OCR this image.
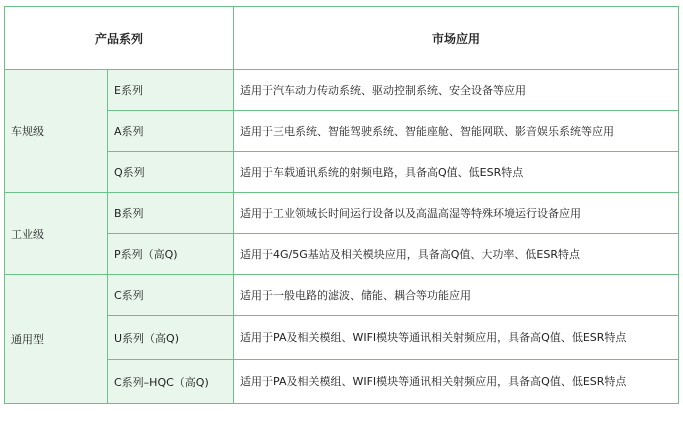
产品系列		市场应用
车规级	E系列	适用于汽车动力传动系统、驱动控制系统、安全设备等应用
	A系列	适用于三电系统、智能驾驶系统、智能座舱、智能网联、影音娱乐系统等应用
	Q系列	适用于车载通讯系统的射频电路，具备高Q值、低ESR特点
工业级	B系列	适用于工业领域长时间运行设备以及高温高湿等特殊环境运行设备应用
	P系列（高Q)	适用于4G/5G基站及相关模块应用，具备高Q值、大功率、低ESR特点
通用型	C系列	适用于一般电路的滤波、储能、耦合等功能应用
	U系列（高Q)	适用于PA及相关模组、WIFI模块等通讯相关射频应用，具备高Q值、低ESR特点
	C系列–HQC（高Q)	适用于PA及相关模组、WIFI模块等通讯相关射频应用，具备高Q值、低ESR特点
